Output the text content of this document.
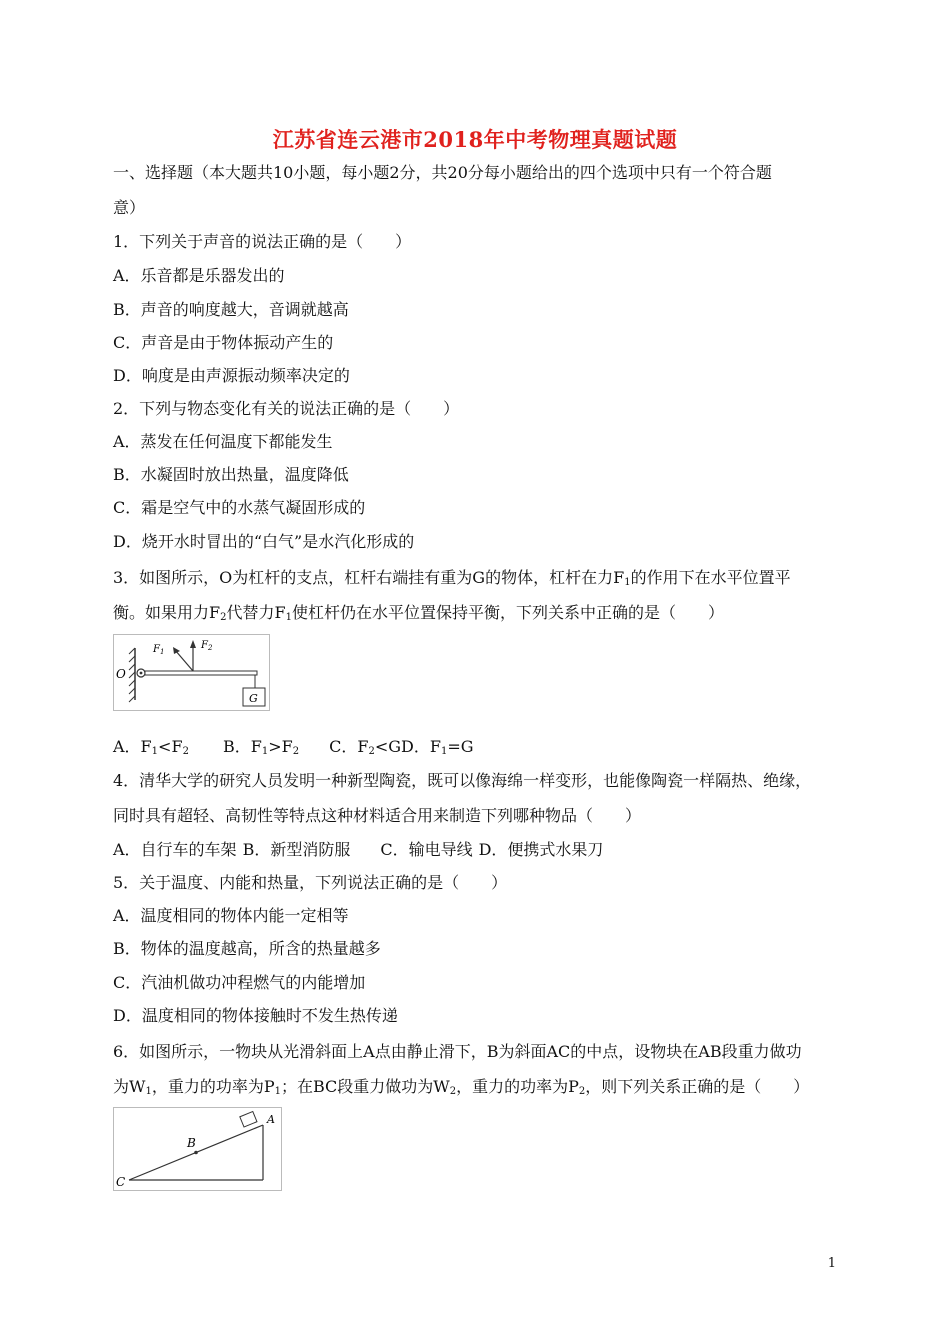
江苏省连云港市2018年中考物理真题试题
一、选择题（本大题共10小题，每小题2分，共20分每小题给出的四个选项中只有一个符合题
意）
1．下列关于声音的说法正确的是（　　）
A．乐音都是乐器发出的
B．声音的响度越大，音调就越高
C．声音是由于物体振动产生的
D．响度是由声源振动频率决定的
2．下列与物态变化有关的说法正确的是（　　）
A．蒸发在任何温度下都能发生
B．水凝固时放出热量，温度降低
C．霜是空气中的水蒸气凝固形成的
D．烧开水时冒出的“白气”是水汽化形成的
3．如图所示，O为杠杆的支点，杠杆右端挂有重为G的物体，杠杆在力$F_1$的作用下在水平位置平
衡。如果用力$F_2$代替力$F_1$使杠杆仍在水平位置保持平衡，下列关系中正确的是（　　）
O
$F_1$
$F_2$
G
A．$F_1<F_2$ B．$F_1>F_2$ C．$F_2<GD$．$F_1=G$
4．清华大学的研究人员发明一种新型陶瓷，既可以像海绵一样变形，也能像陶瓷一样隔热、绝缘，
同时具有超轻、高韧性等特点这种材料适合用来制造下列哪种物品（　　）
A．自行车的车架 B．新型消防服 C．输电导线 D．便携式水果刀
5．关于温度、内能和热量，下列说法正确的是（　　）
A．温度相同的物体内能一定相等
B．物体的温度越高，所含的热量越多
C．汽油机做功冲程燃气的内能增加
D．温度相同的物体接触时不发生热传递
6．如图所示，一物块从光滑斜面上A点由静止滑下，B为斜面AC的中点，设物块在AB段重力做功
为$W_1$，重力的功率为$P_1$；在BC段重力做功为$W_2$，重力的功率为$P_2$，则下列关系正确的是（　　）
B
A
C
1
